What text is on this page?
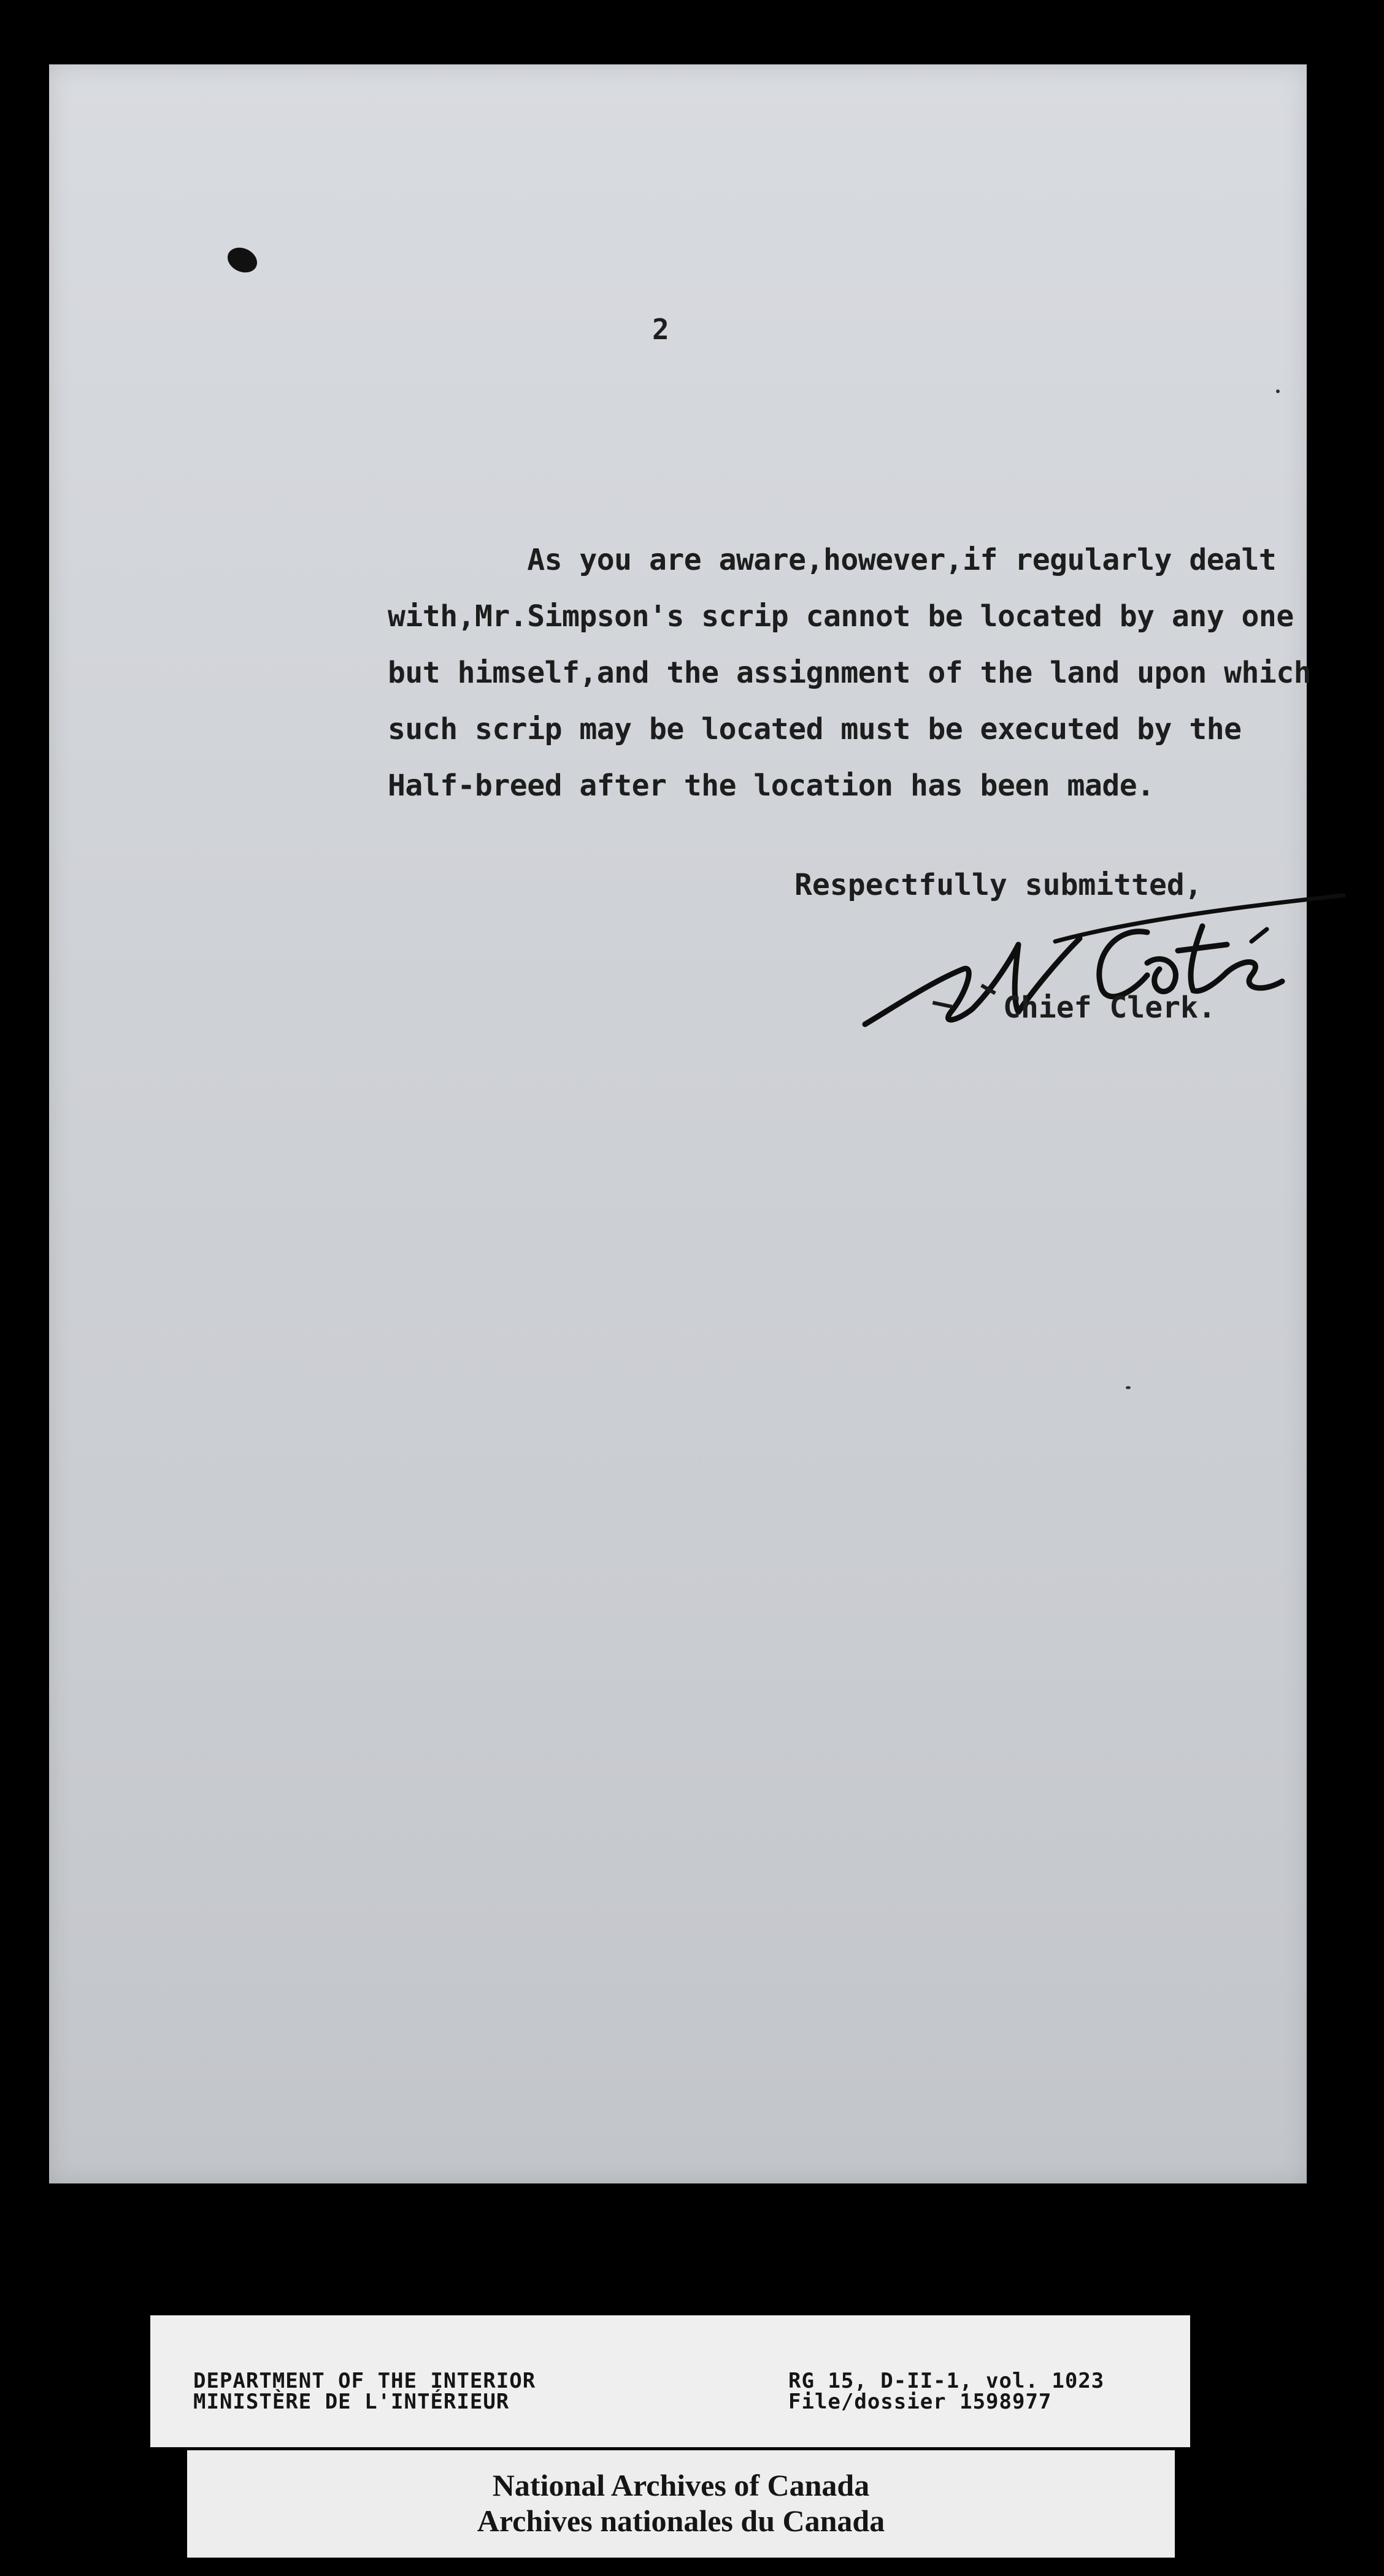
2
As you are aware,however,if regularly dealt
with,Mr.Simpson's scrip cannot be located by any one
but himself,and the assignment of the land upon which
such scrip may be located must be executed by the
Half-breed after the location has been made.
Respectfully submitted,
Chief Clerk.
DEPARTMENT OF THE INTERIOR
MINISTÈRE DE L'INTÉRIEUR
RG 15, D-II-1, vol. 1023
File/dossier 1598977
National Archives of Canada
Archives nationales du Canada
